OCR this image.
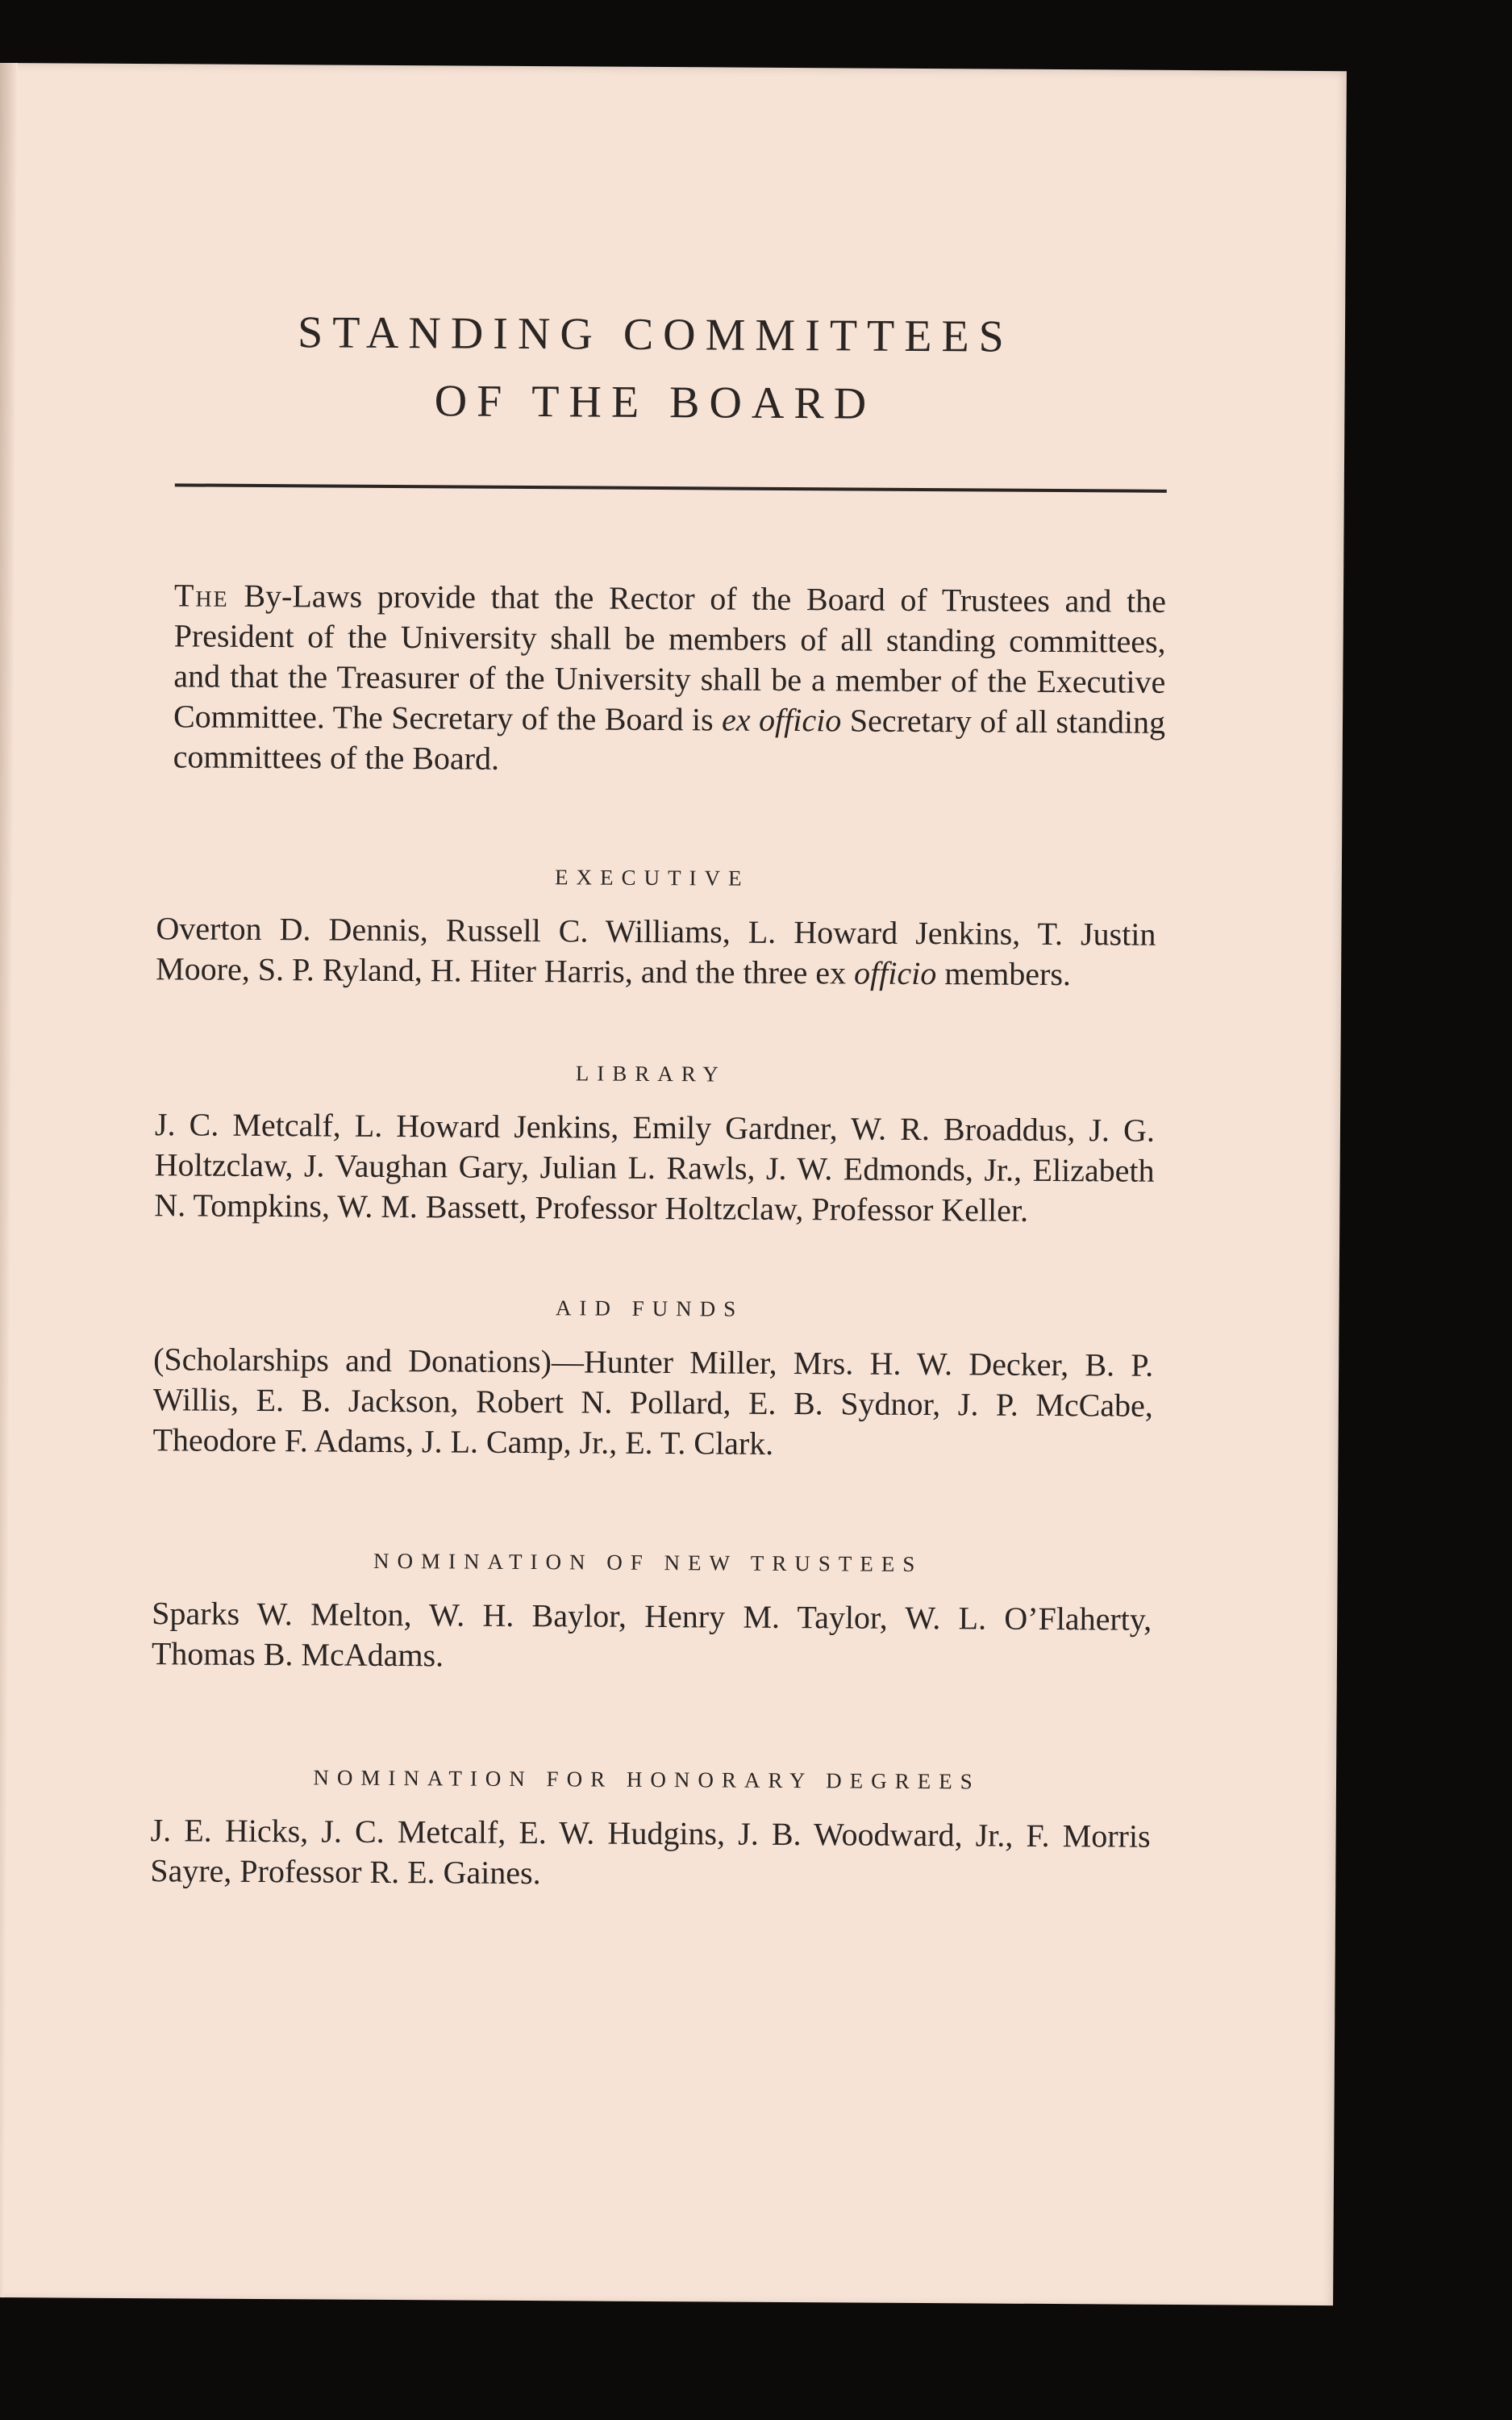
STANDING COMMITTEES
OF THE BOARD

The By-Laws provide that the Rector of the Board of Trustees and the President of the University shall be members of all standing committees, and that the Treasurer of the University shall be a member of the Executive Committee. The Secretary of the Board is ex officio Secretary of all standing committees of the Board.

EXECUTIVE

Overton D. Dennis, Russell C. Williams, L. Howard Jenkins, T. Justin Moore, S. P. Ryland, H. Hiter Harris, and the three ex officio members.

LIBRARY

J. C. Metcalf, L. Howard Jenkins, Emily Gardner, W. R. Broaddus, J. G. Holtzclaw, J. Vaughan Gary, Julian L. Rawls, J. W. Edmonds, Jr., Elizabeth N. Tompkins, W. M. Bassett, Professor Holtzclaw, Professor Keller.

AID FUNDS

(Scholarships and Donations)—Hunter Miller, Mrs. H. W. Decker, B. P. Willis, E. B. Jackson, Robert N. Pollard, E. B. Sydnor, J. P. McCabe, Theodore F. Adams, J. L. Camp, Jr., E. T. Clark.

NOMINATION OF NEW TRUSTEES

Sparks W. Melton, W. H. Baylor, Henry M. Taylor, W. L. O’Flaherty, Thomas B. McAdams.

NOMINATION FOR HONORARY DEGREES

J. E. Hicks, J. C. Metcalf, E. W. Hudgins, J. B. Woodward, Jr., F. Morris Sayre, Professor R. E. Gaines.
